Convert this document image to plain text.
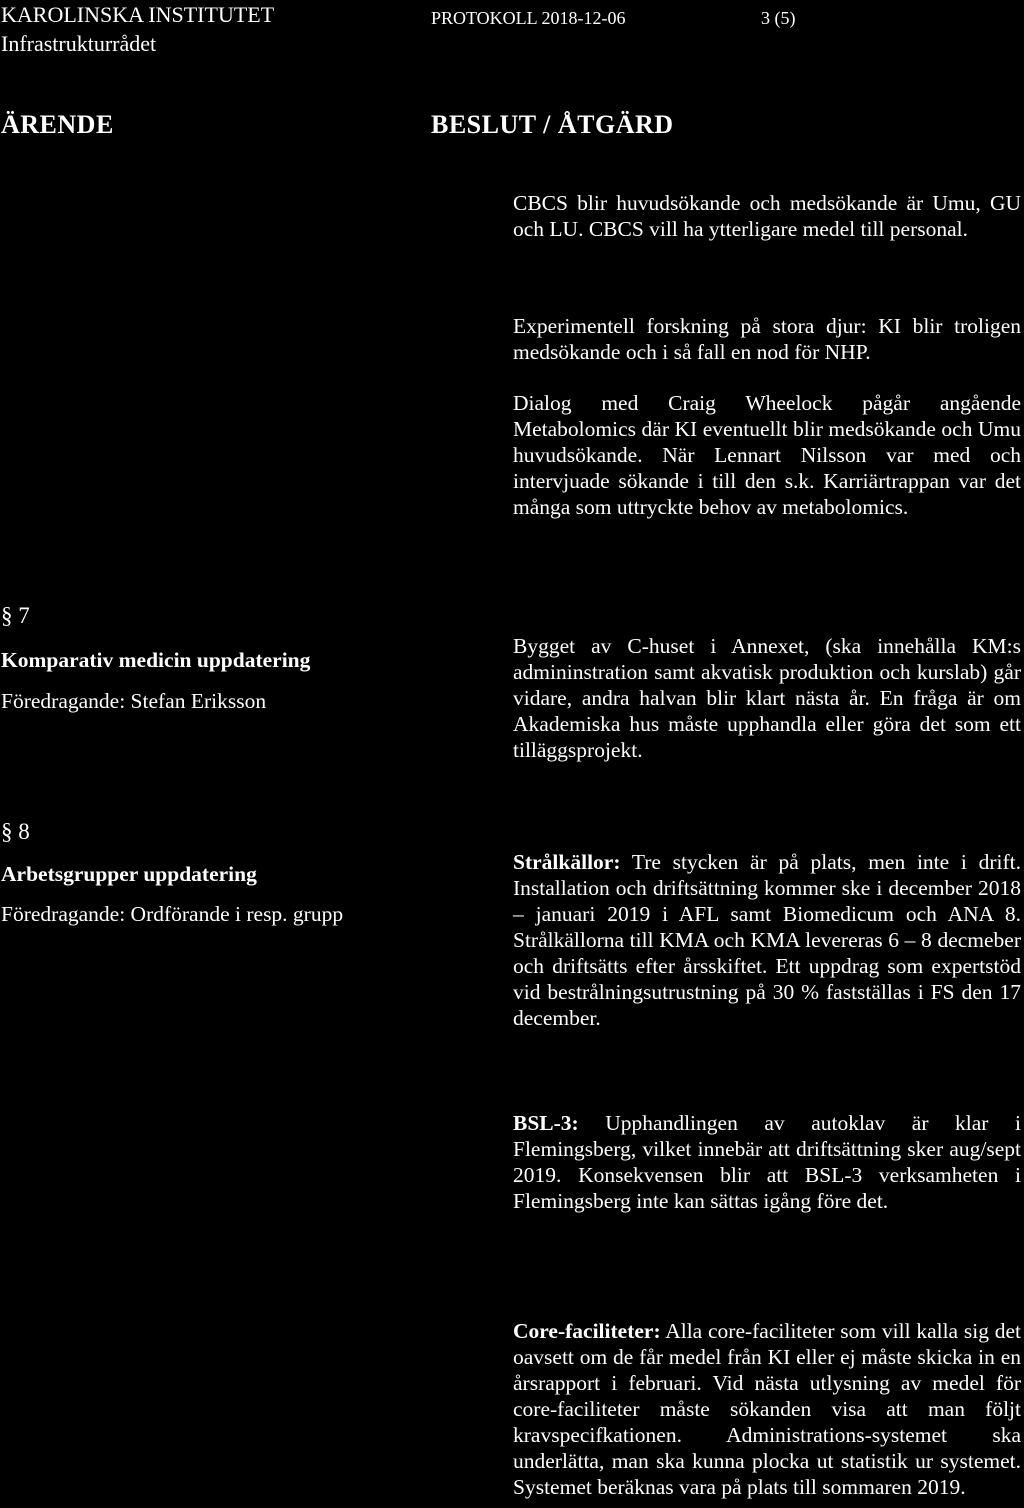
KAROLINSKA INSTITUTET
Infrastrukturrådet
PROTOKOLL 2018-12-06	3 (5)
ÄRENDE	BESLUT / ÅTGÄRD
CBCS blir huvudsökande och medsökande är Umu, GU och LU. CBCS vill ha ytterligare medel till personal.
Experimentell forskning på stora djur: KI blir troligen medsökande och i så fall en nod för NHP.
Dialog med Craig Wheelock pågår angående Metabolomics där KI eventuellt blir medsökande och Umu huvudsökande. När Lennart Nilsson var med och intervjuade sökande i till den s.k. Karriärtrappan var det många som uttryckte behov av metabolomics.
§ 7
Komparativ medicin uppdatering
Föredragande: Stefan Eriksson
Bygget av C-huset i Annexet, (ska innehålla KM:s admininstration samt akvatisk produktion och kurslab) går vidare, andra halvan blir klart nästa år. En fråga är om Akademiska hus måste upphandla eller göra det som ett tilläggsprojekt.
§ 8
Arbetsgrupper uppdatering
Föredragande: Ordförande i resp. grupp
Strålkällor: Tre stycken är på plats, men inte i drift. Installation och driftsättning kommer ske i december 2018 – januari 2019 i AFL samt Biomedicum och ANA 8. Strålkällorna till KMA och KMA levereras 6 – 8 decmeber och driftsätts efter årsskiftet. Ett uppdrag som expertstöd vid bestrålningsutrustning på 30 % fastställas i FS den 17 december.
BSL-3: Upphandlingen av autoklav är klar i Flemingsberg, vilket innebär att driftsättning sker aug/sept 2019. Konsekvensen blir att BSL-3 verksamheten i Flemingsberg inte kan sättas igång före det.
Core-faciliteter: Alla core-faciliteter som vill kalla sig det oavsett om de får medel från KI eller ej måste skicka in en årsrapport i februari. Vid nästa utlysning av medel för core-faciliteter måste sökanden visa att man följt kravspecifkationen. Administrations-systemet ska underlätta, man ska kunna plocka ut statistik ur systemet. Systemet beräknas vara på plats till sommaren 2019.
